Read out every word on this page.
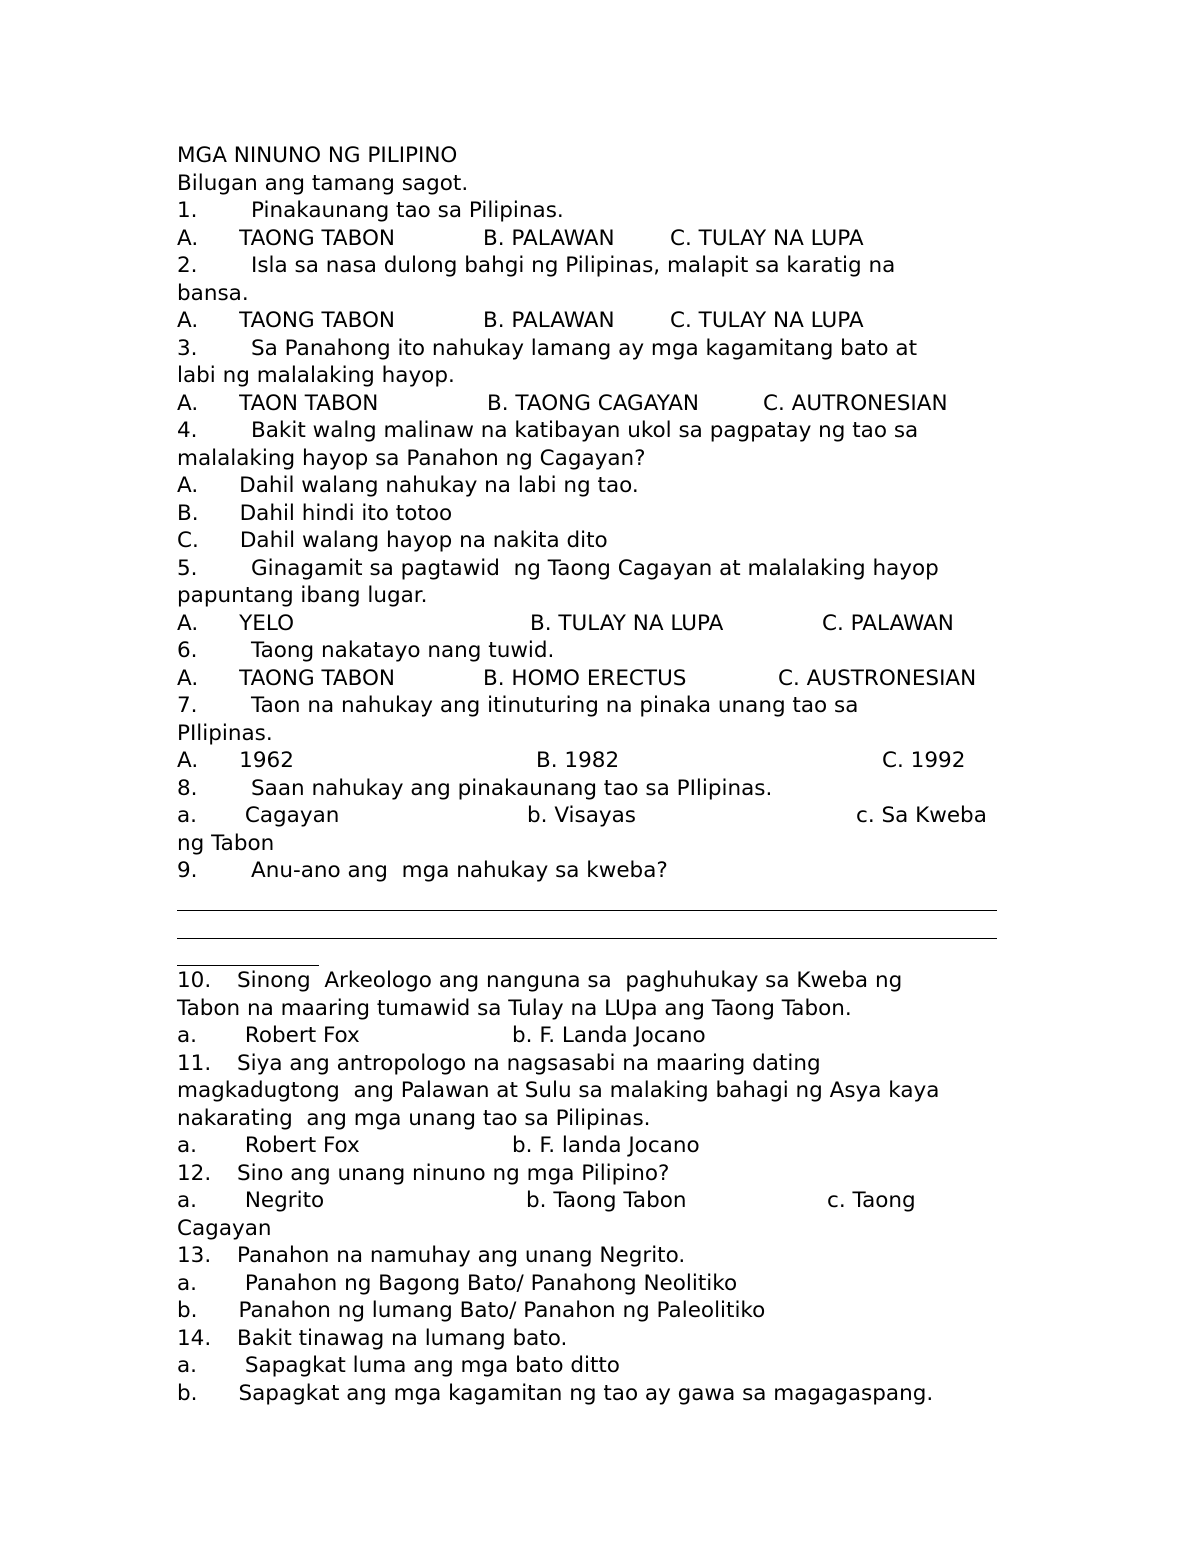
MGA NINUNO NG PILIPINO
Bilugan ang tamang sagot.
1. Pinakaunang tao sa Pilipinas.

A.      TAONG TABON

	B. PALAWAN

	C. TULAY NA LUPA

2. Isla sa nasa dulong bahgi ng Pilipinas, malapit sa karatig na
bansa.

A.      TAONG TABON

	B. PALAWAN

	C. TULAY NA LUPA

3. Sa Panahong ito nahukay lamang ay mga kagamitang bato at
labi ng malalaking hayop.

A.      TAON TABON

	B. TAONG CAGAYAN

	C. AUTRONESIAN

4. Bakit walng malinaw na katibayan ukol sa pagpatay ng tao sa
malalaking hayop sa Panahon ng Cagayan?
A.      Dahil walang nahukay na labi ng tao.
B.      Dahil hindi ito totoo
C.      Dahil walang hayop na nakita dito
5. Ginagamit sa pagtawid  ng Taong Cagayan at malalaking hayop
papuntang ibang lugar.

A.      YELO

	B. TULAY NA LUPA

	C. PALAWAN

6. Taong nakatayo nang tuwid.

A.      TAONG TABON

	B. HOMO ERECTUS

	C. AUSTRONESIAN

7. Taon na nahukay ang itinuturing na pinaka unang tao sa
PIlipinas.

A.      1962

	B. 1982

	C. 1992

8. Saan nahukay ang pinakaunang tao sa PIlipinas.

a.       Cagayan

	b. Visayas

	c. Sa Kweba

ng Tabon
9. Anu-ano ang  mga nahukay sa kweba?
10. Sinong  Arkeologo ang nanguna sa  paghuhukay sa Kweba ng
Tabon na maaring tumawid sa Tulay na LUpa ang Taong Tabon.

a.       Robert Fox

	b. F. Landa Jocano

11. Siya ang antropologo na nagsasabi na maaring dating
magkadugtong  ang Palawan at Sulu sa malaking bahagi ng Asya kaya
nakarating  ang mga unang tao sa Pilipinas.

a.       Robert Fox

	b. F. landa Jocano

12. Sino ang unang ninuno ng mga Pilipino?

a.       Negrito

	b. Taong Tabon

	c. Taong

Cagayan
13. Panahon na namuhay ang unang Negrito.
a.       Panahon ng Bagong Bato/ Panahong Neolitiko
b.      Panahon ng lumang Bato/ Panahon ng Paleolitiko
14. Bakit tinawag na lumang bato.
a.       Sapagkat luma ang mga bato ditto
b.      Sapagkat ang mga kagamitan ng tao ay gawa sa magagaspang.
